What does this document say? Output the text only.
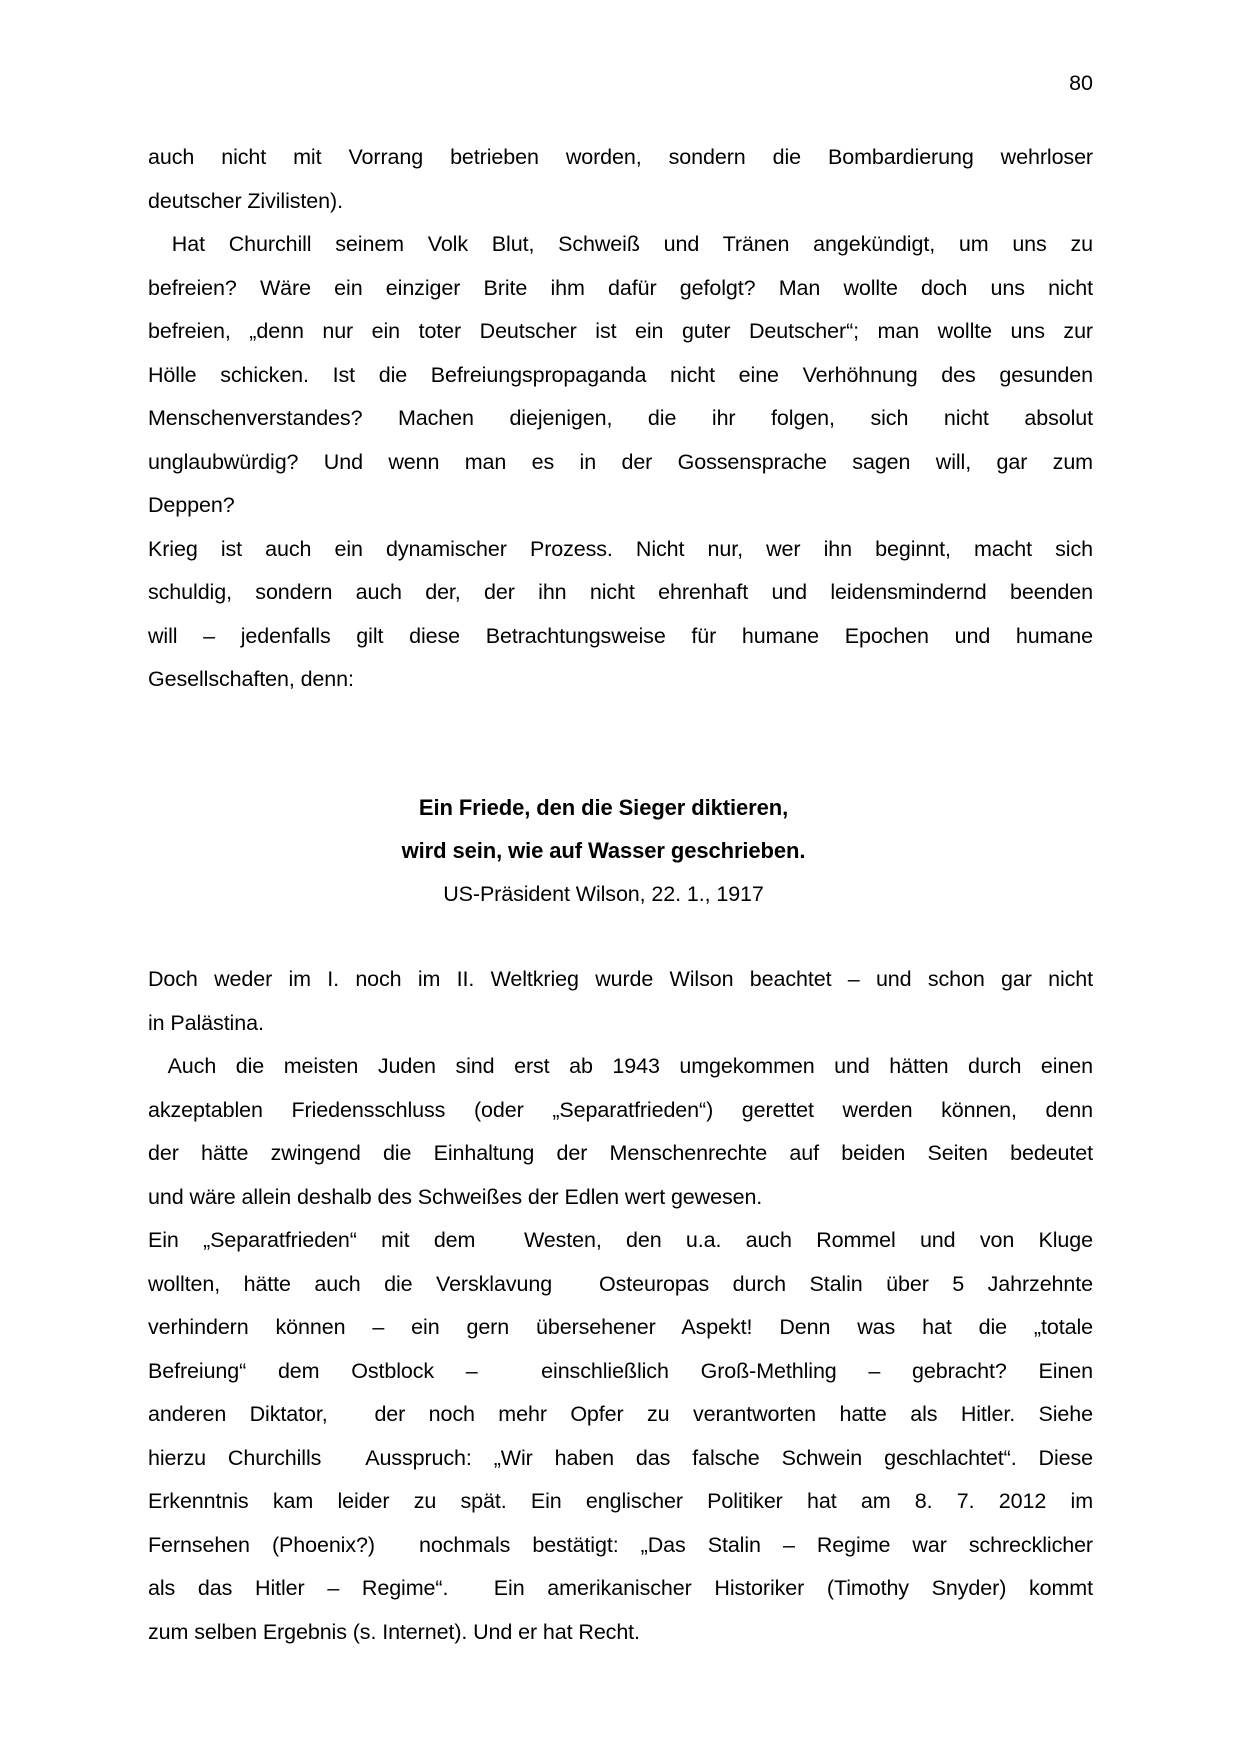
80
auch nicht mit Vorrang betrieben worden, sondern die Bombardierung wehrloser
deutscher Zivilisten).
Hat Churchill seinem Volk Blut, Schweiß und Tränen angekündigt, um uns zu
befreien? Wäre ein einziger Brite ihm dafür gefolgt? Man wollte doch uns nicht
befreien, „denn nur ein toter Deutscher ist ein guter Deutscher“; man wollte uns zur
Hölle schicken. Ist die Befreiungspropaganda nicht eine Verhöhnung des gesunden
Menschenverstandes? Machen diejenigen, die ihr folgen, sich nicht absolut
unglaubwürdig? Und wenn man es in der Gossensprache sagen will, gar zum
Deppen?
Krieg ist auch ein dynamischer Prozess. Nicht nur, wer ihn beginnt, macht sich
schuldig, sondern auch der, der ihn nicht ehrenhaft und leidensmindernd beenden
will – jedenfalls gilt diese Betrachtungsweise für humane Epochen und humane
Gesellschaften, denn:
Ein Friede, den die Sieger diktieren,
wird sein, wie auf Wasser geschrieben.
US-Präsident Wilson, 22. 1., 1917
Doch weder im I. noch im II. Weltkrieg wurde Wilson beachtet – und schon gar nicht
in Palästina.
Auch die meisten Juden sind erst ab 1943 umgekommen und hätten durch einen
akzeptablen Friedensschluss (oder „Separatfrieden“) gerettet werden können, denn
der hätte zwingend die Einhaltung der Menschenrechte auf beiden Seiten bedeutet
und wäre allein deshalb des Schweißes der Edlen wert gewesen.
Ein „Separatfrieden“ mit dem  Westen, den u.a. auch Rommel und von Kluge
wollten, hätte auch die Versklavung  Osteuropas durch Stalin über 5 Jahrzehnte
verhindern können – ein gern übersehener Aspekt! Denn was hat die „totale
Befreiung“ dem Ostblock –  einschließlich Groß-Methling – gebracht? Einen
anderen Diktator,  der noch mehr Opfer zu verantworten hatte als Hitler. Siehe
hierzu Churchills  Ausspruch: „Wir haben das falsche Schwein geschlachtet“. Diese
Erkenntnis kam leider zu spät. Ein englischer Politiker hat am 8. 7. 2012 im
Fernsehen (Phoenix?)  nochmals bestätigt: „Das Stalin – Regime war schrecklicher
als das Hitler – Regime“.  Ein amerikanischer Historiker (Timothy Snyder) kommt
zum selben Ergebnis (s. Internet). Und er hat Recht.
